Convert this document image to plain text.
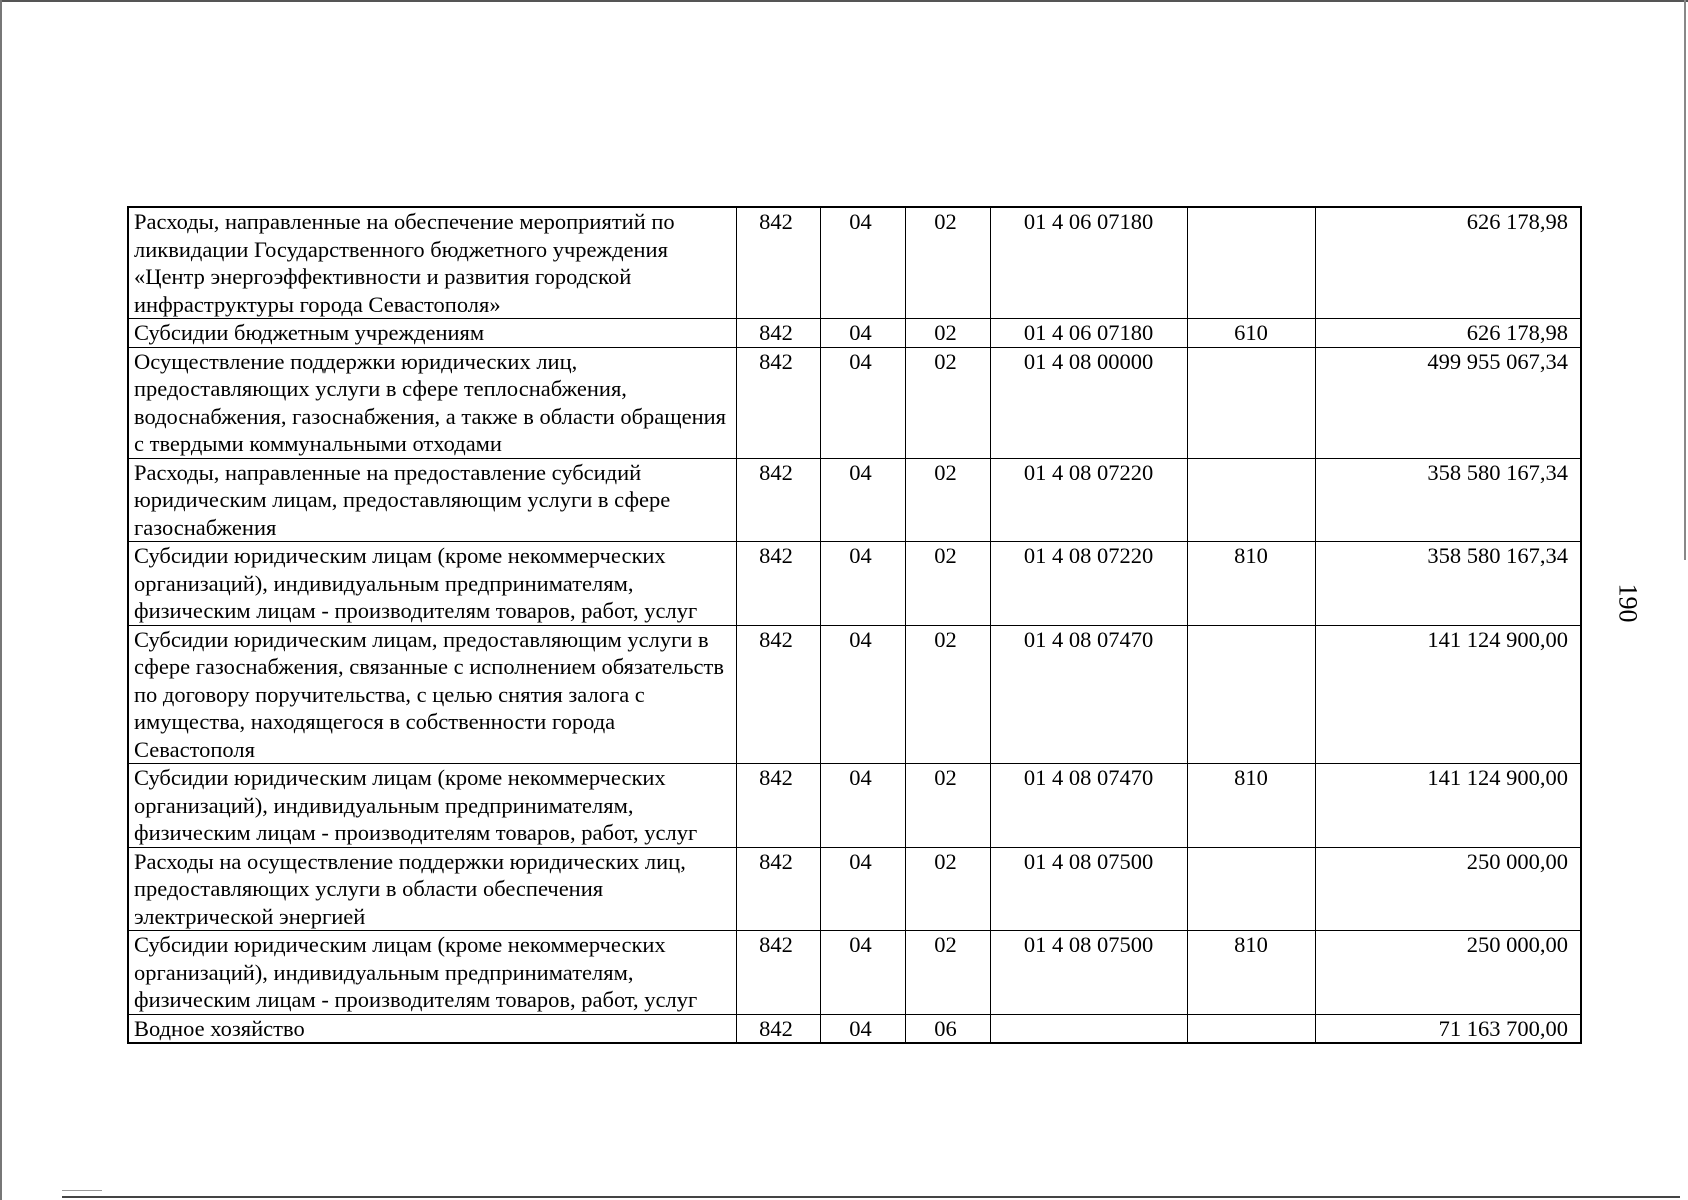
Расходы, направленные на обеспечение мероприятий по ликвидации Государственного бюджетного учреждения «Центр энергоэффективности и развития городской инфраструктуры города Севастополя»	842	04	02	01 4 06 07180		626 178,98
Субсидии бюджетным учреждениям	842	04	02	01 4 06 07180	610	626 178,98
Осуществление поддержки юридических лиц, предоставляющих услуги в сфере теплоснабжения, водоснабжения, газоснабжения, а также в области обращения с твердыми коммунальными отходами	842	04	02	01 4 08 00000		499 955 067,34
Расходы, направленные на предоставление субсидий юридическим лицам, предоставляющим услуги в сфере газоснабжения	842	04	02	01 4 08 07220		358 580 167,34
Субсидии юридическим лицам (кроме некоммерческих организаций), индивидуальным предпринимателям, физическим лицам - производителям товаров, работ, услуг	842	04	02	01 4 08 07220	810	358 580 167,34
Субсидии юридическим лицам, предоставляющим услуги в сфере газоснабжения, связанные с исполнением обязательств по договору поручительства, с целью снятия залога с имущества, находящегося в собственности города Севастополя	842	04	02	01 4 08 07470		141 124 900,00
Субсидии юридическим лицам (кроме некоммерческих организаций), индивидуальным предпринимателям, физическим лицам - производителям товаров, работ, услуг	842	04	02	01 4 08 07470	810	141 124 900,00
Расходы на осуществление поддержки юридических лиц, предоставляющих услуги в области обеспечения электрической энергией	842	04	02	01 4 08 07500		250 000,00
Субсидии юридическим лицам (кроме некоммерческих организаций), индивидуальным предпринимателям, физическим лицам - производителям товаров, работ, услуг	842	04	02	01 4 08 07500	810	250 000,00
Водное хозяйство	842	04	06			71 163 700,00
190
